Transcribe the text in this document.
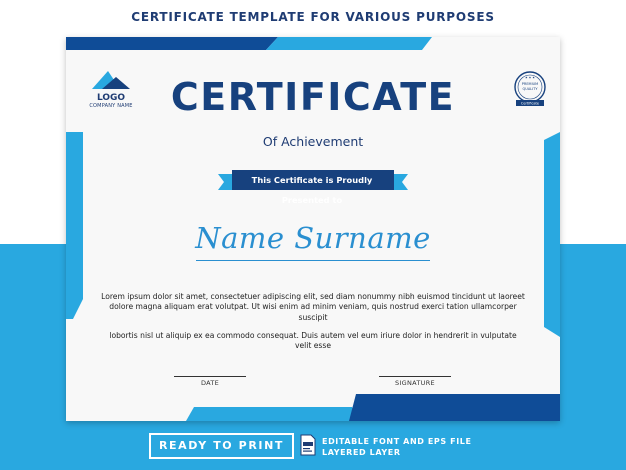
CERTIFICATE TEMPLATE FOR VARIOUS PURPOSES
LOGO
COMPANY NAME
★ ★ ★
PREMIUM
QUALITY
Certificate
CERTIFICATE
Of Achievement
This Certificate is Proudly Presented to
Name Surname
Lorem ipsum dolor sit amet, consectetuer adipiscing elit, sed diam nonummy nibh euismod tincidunt ut laoreet dolore magna aliquam erat volutpat. Ut wisi enim ad minim veniam, quis nostrud exerci tation ullamcorper suscipit
lobortis nisl ut aliquip ex ea commodo consequat. Duis autem vel eum iriure dolor in hendrerit in vulputate velit esse
DATE	SIGNATURE
READY TO PRINT	EDITABLE FONT AND EPS FILE
LAYERED LAYER
